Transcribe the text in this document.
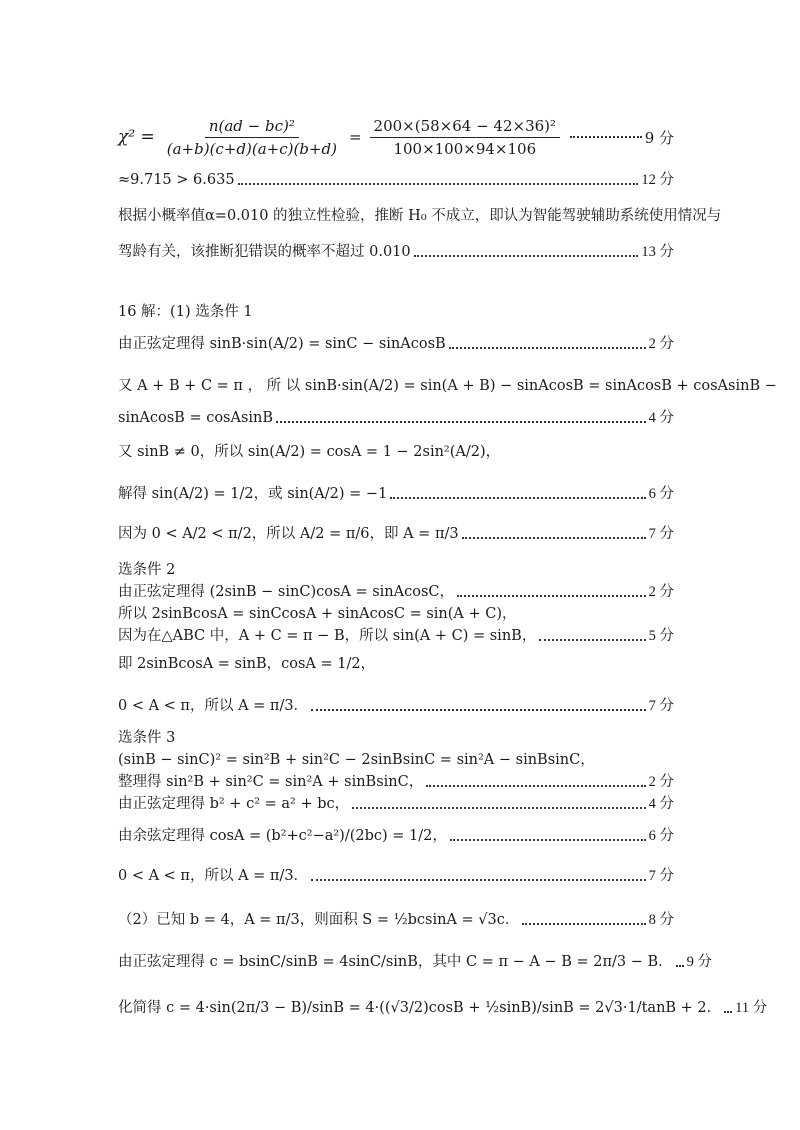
$\chi^2 = \frac{\text{n(ad − bc)²}}{(a+b)(c+d)(a+c)(b+d)} = \frac{\text{200×(58×64 − 42×36)²}}{100\times 100\times 94\times 106}$	9 分
≈9.715 > 6.635	12 分
根据小概率值α=0.010 的独立性检验，推断 H₀ 不成立，即认为智能驾驶辅助系统使用情况与
驾龄有关，该推断犯错误的概率不超过 0.010	13 分
16 解：(1) 选条件 1
由正弦定理得 sinB·sin(A/2) = sinC − sinAcosB	2 分
又 A + B + C = π ， 所 以 sinB·sin(A/2) = sin(A + B) − sinAcosB = sinAcosB + cosAsinB −
sinAcosB = cosAsinB	4 分
又 sinB ≠ 0，所以 sin(A/2) = cosA = 1 − 2sin²(A/2)，
解得 sin(A/2) = 1/2，或 sin(A/2) = −1	6 分
因为 0 < A/2 < π/2，所以 A/2 = π/6，即 A = π/3	7 分
选条件 2
由正弦定理得 (2sinB − sinC)cosA = sinAcosC，	2 分
所以 2sinBcosA = sinCcosA + sinAcosC = sin(A + C)，
因为在△ABC 中，A + C = π − B，所以 sin(A + C) = sinB，	5 分
即 2sinBcosA = sinB，cosA = 1/2，
0 < A < π，所以 A = π/3．	7 分
选条件 3
(sinB − sinC)² = sin²B + sin²C − 2sinBsinC = sin²A − sinBsinC，
整理得 sin²B + sin²C = sin²A + sinBsinC，	2 分
由正弦定理得 b² + c² = a² + bc，	4 分
由余弦定理得 cosA = (b²+c²−a²)/(2bc) = 1/2，	6 分
0 < A < π，所以 A = π/3．	7 分
（2）已知 b = 4，A = π/3，则面积 S = ½bcsinA = √3c．	8 分
由正弦定理得 c = bsinC/sinB = 4sinC/sinB，其中 C = π − A − B = 2π/3 − B． 9 分
化简得 c = 4·sin(2π/3 − B)/sinB = 4·((√3/2)cosB + ½sinB)/sinB = 2√3·1/tanB + 2． 11 分
